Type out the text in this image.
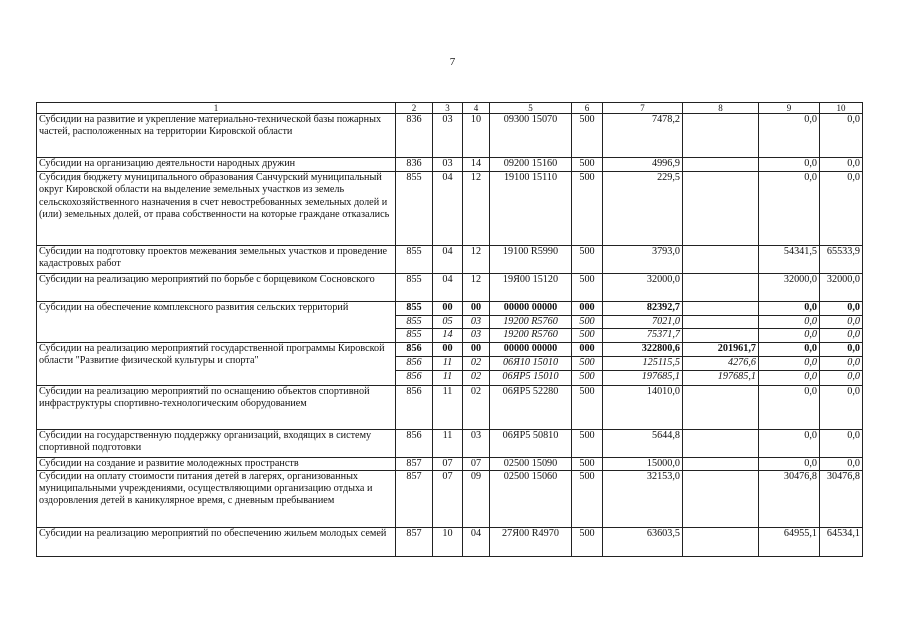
7
1	2	3	4	5	6	7	8	9	10
Субсидии на развитие и укрепление материально-технической базы пожарных частей, расположенных на территории Кировской области	836	03	10	09300 15070	500	7478,2		0,0	0,0
Субсидии на организацию деятельности народных дружин	836	03	14	09200 15160	500	4996,9		0,0	0,0
Субсидия бюджету муниципального образования Санчурский муниципальный округ Кировской области на выделение земельных участков из земель сельскохозяйственного назначения в счет невостребованных земельных долей и (или) земельных долей, от права собственности на которые граждане отказались	855	04	12	19100 15110	500	229,5		0,0	0,0
Субсидии на подготовку проектов межевания земельных участков и проведение кадастровых работ	855	04	12	19100 R5990	500	3793,0		54341,5	65533,9
Субсидии на реализацию мероприятий по борьбе с борщевиком Сосновского	855	04	12	19Я00 15120	500	32000,0		32000,0	32000,0
Субсидии на обеспечение комплексного развития сельских территорий	855	00	00	00000 00000	000	82392,7		0,0	0,0
	855	05	03	19200 R5760	500	7021,0		0,0	0,0
	855	14	03	19200 R5760	500	75371,7		0,0	0,0
Субсидии на реализацию мероприятий государственной программы Кировской области "Развитие физической культуры и спорта"	856	00	00	00000 00000	000	322800,6	201961,7	0,0	0,0
	856	11	02	06Я10 15010	500	125115,5	4276,6	0,0	0,0
	856	11	02	06ЯР5 15010	500	197685,1	197685,1	0,0	0,0
Субсидии на реализацию мероприятий по оснащению объектов спортивной инфраструктуры спортивно-технологическим оборудованием	856	11	02	06ЯР5 52280	500	14010,0		0,0	0,0
Субсидии на государственную поддержку организаций, входящих в систему спортивной подготовки	856	11	03	06ЯР5 50810	500	5644,8		0,0	0,0
Субсидии на создание и развитие молодежных пространств	857	07	07	02500 15090	500	15000,0		0,0	0,0
Субсидии на оплату стоимости питания детей в лагерях, организованных муниципальными учреждениями, осуществляющими организацию отдыха и оздоровления детей в каникулярное время, с дневным пребыванием	857	07	09	02500 15060	500	32153,0		30476,8	30476,8
Субсидии на реализацию мероприятий по обеспечению жильем молодых семей	857	10	04	27Я00 R4970	500	63603,5		64955,1	64534,1
